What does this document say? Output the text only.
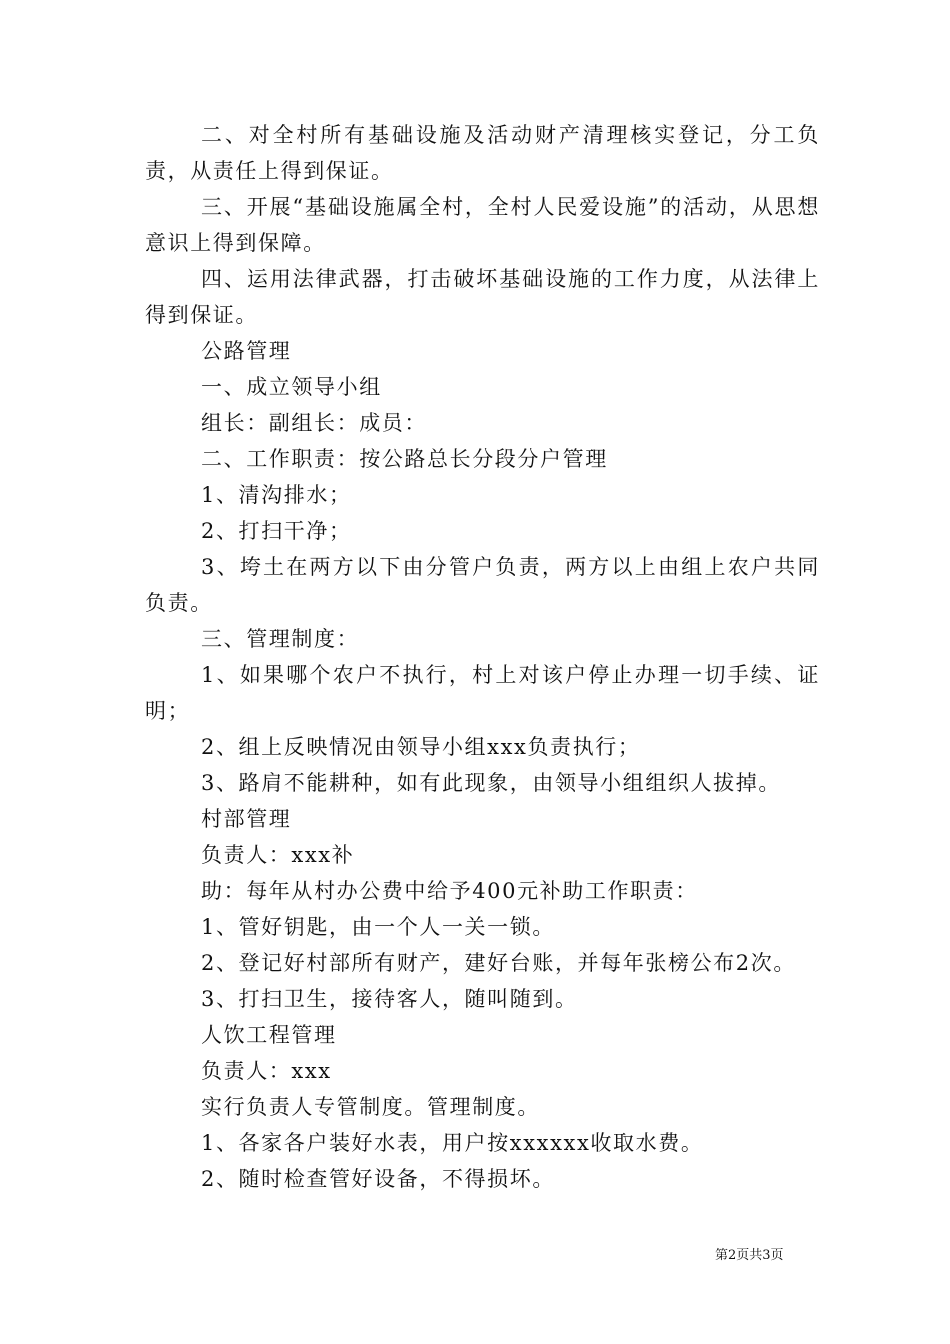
二、对全村所有基础设施及活动财产清理核实登记，分工负责，从责任上得到保证。

三、开展“基础设施属全村，全村人民爱设施”的活动，从思想意识上得到保障。

四、运用法律武器，打击破坏基础设施的工作力度，从法律上得到保证。

公路管理

一、成立领导小组

组长：副组长：成员：

二、工作职责：按公路总长分段分户管理

1、清沟排水；

2、打扫干净；

3、垮土在两方以下由分管户负责，两方以上由组上农户共同负责。

三、管理制度：

1、如果哪个农户不执行，村上对该户停止办理一切手续、证明；

2、组上反映情况由领导小组xxx负责执行；

3、路肩不能耕种，如有此现象，由领导小组组织人拔掉。

村部管理

负责人：xxx补

助：每年从村办公费中给予400元补助工作职责：

1、管好钥匙，由一个人一关一锁。

2、登记好村部所有财产，建好台账，并每年张榜公布2次。

3、打扫卫生，接待客人，随叫随到。

人饮工程管理

负责人：xxx

实行负责人专管制度。管理制度。

1、各家各户装好水表，用户按xxxxxx收取水费。

2、随时检查管好设备，不得损坏。

第2页共3页
